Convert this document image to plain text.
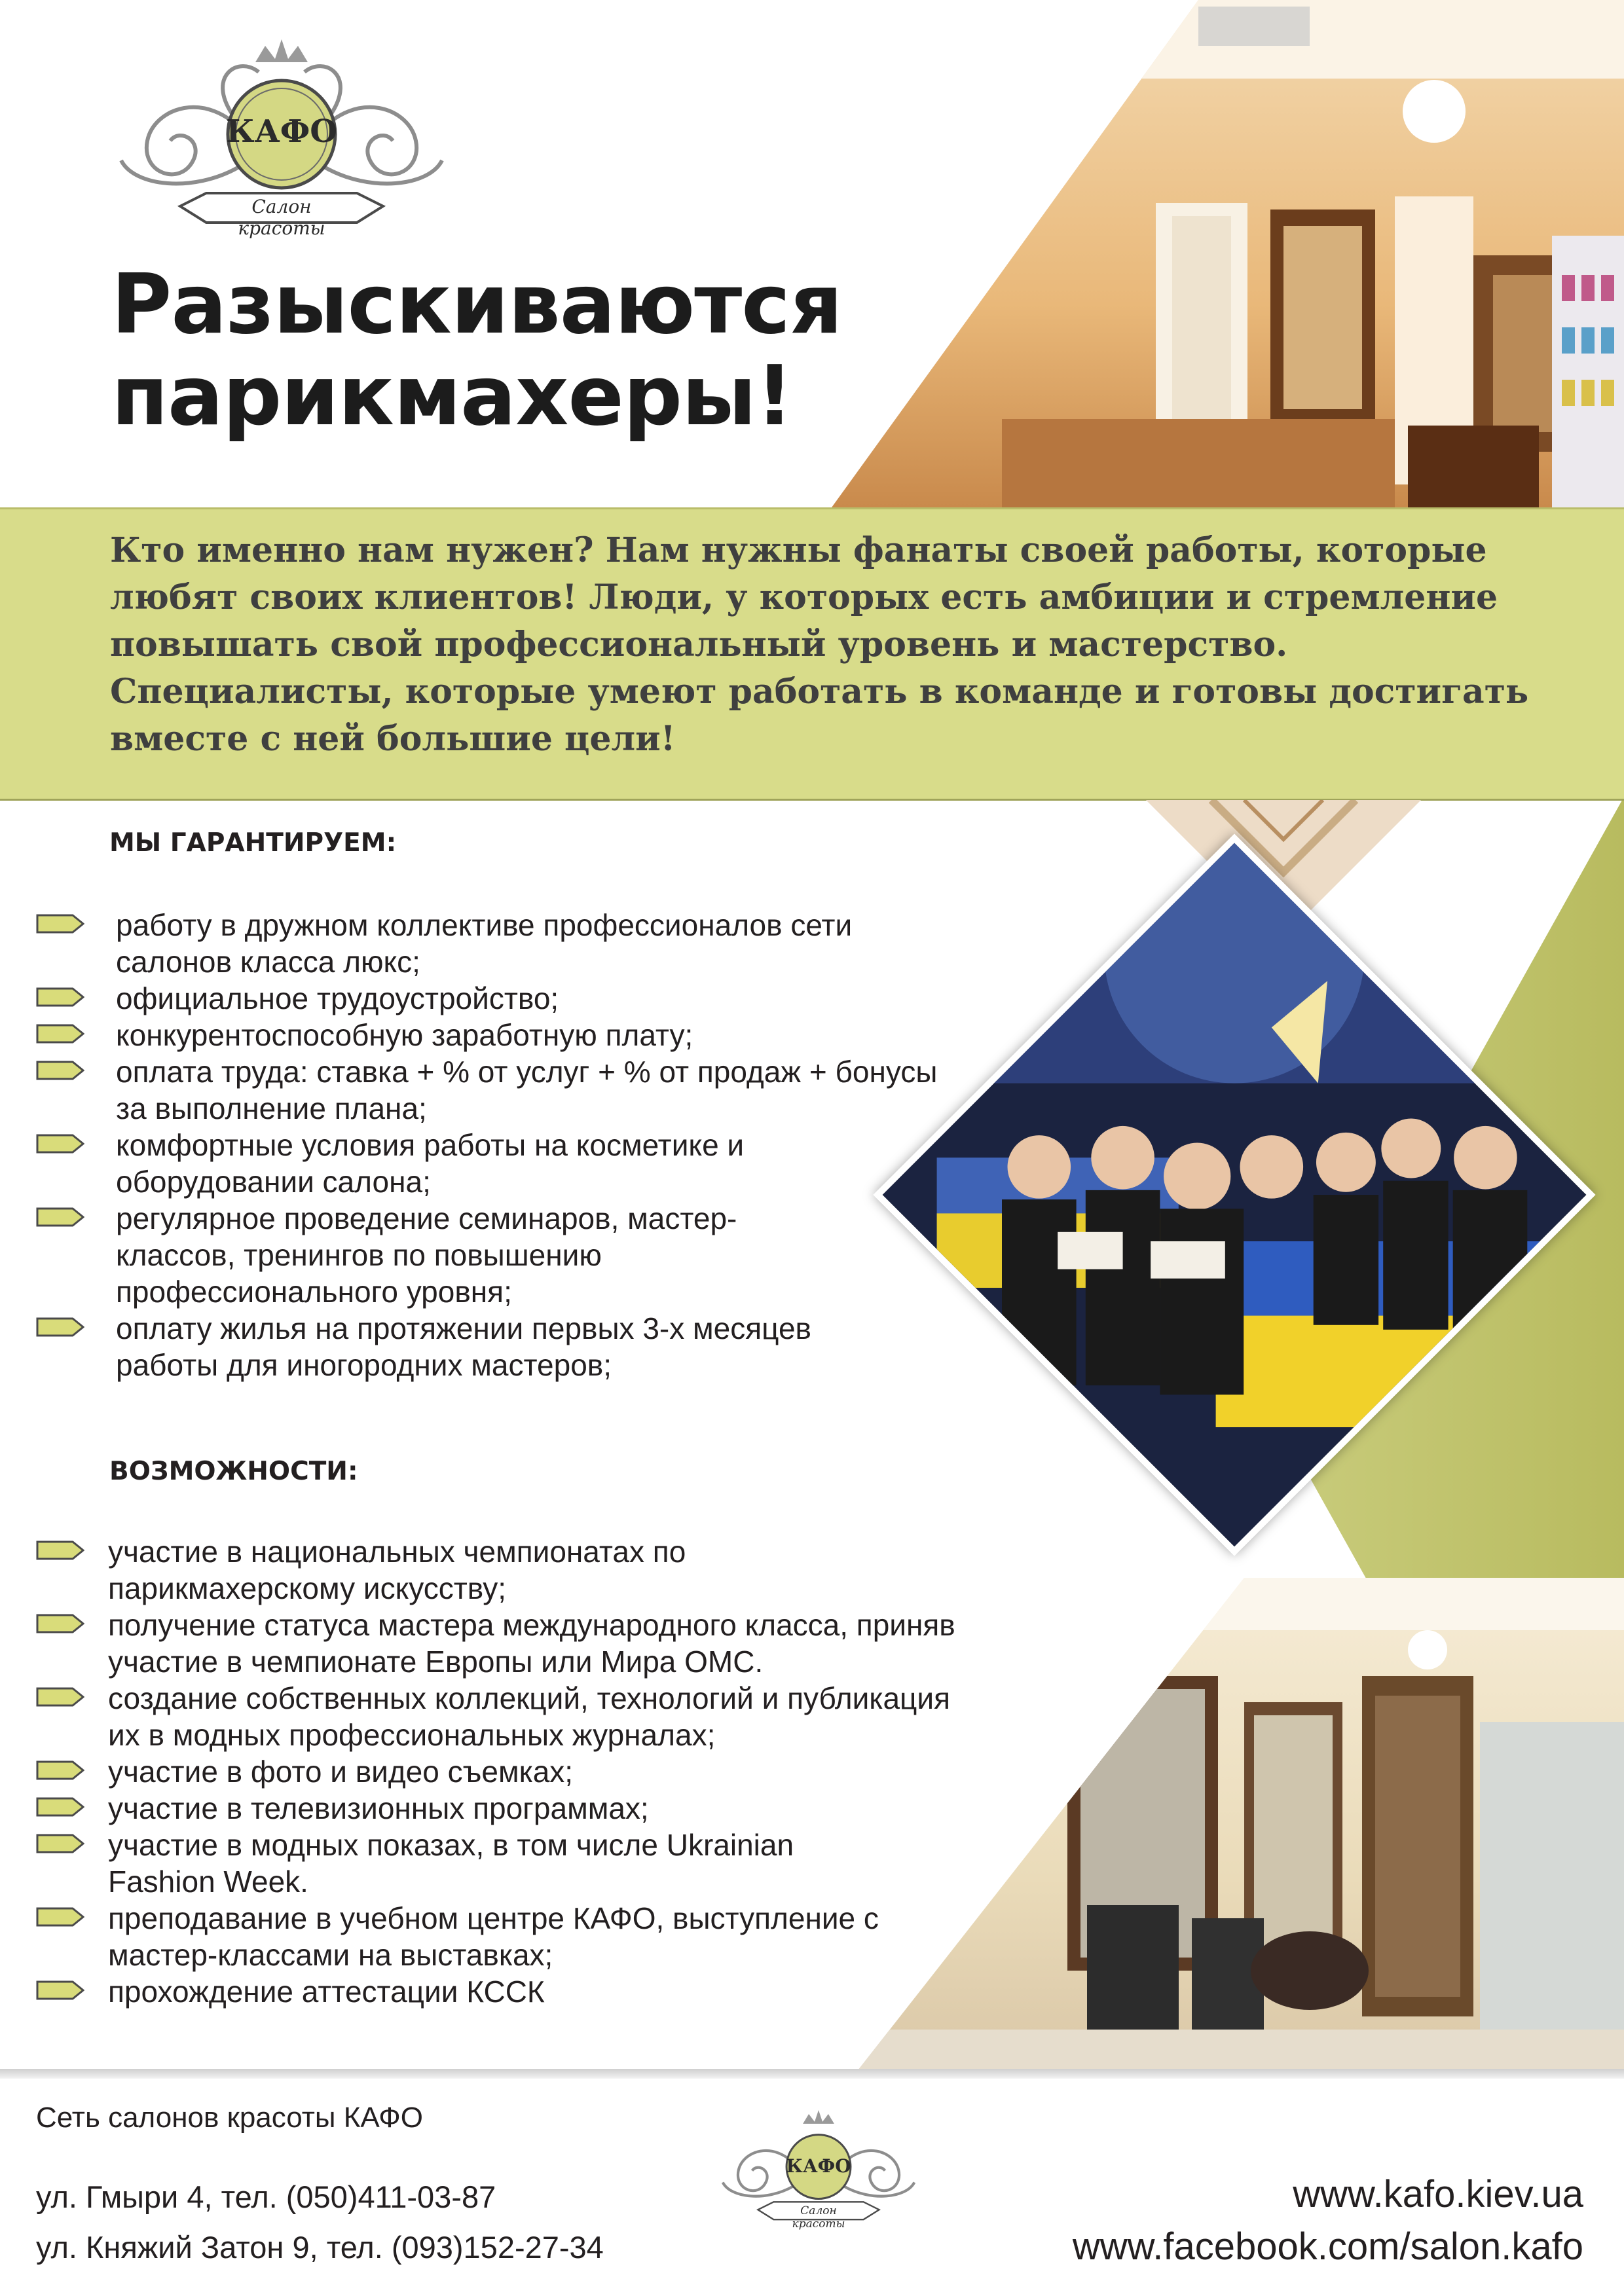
КАФО
Салон красоты
Разыскиваются
парикмахеры!

Кто именно нам нужен? Нам нужны фанаты своей работы, которые любят своих клиентов! Люди, у которых есть амбиции и стремление повышать свой профессиональный уровень и мастерство. Специалисты, которые умеют работать в команде и готовы достигать вместе с ней большие цели!

МЫ ГАРАНТИРУЕМ:
работу в дружном коллективе профессионалов сети салонов класса люкс;
официальное трудоустройство;
конкурентоспособную заработную плату;
оплата труда: ставка + % от услуг + % от продаж + бонусы за выполнение плана;
комфортные условия работы на косметике и оборудовании салона;
регулярное проведение семинаров, мастер-классов, тренингов по повышению профессионального уровня;
оплату жилья на протяжении первых 3-х месяцев работы для иногородних мастеров;
ВОЗМОЖНОСТИ:
участие в национальных чемпионатах по парикмахерскому искусству;
получение статуса мастера международного класса, приняв участие в чемпионате Европы или Мира OMC.
создание собственных коллекций, технологий и публикация их в модных профессиональных журналах;
участие в фото и видео съемках;
участие в телевизионных программах;
участие в модных показах, в том числе Ukrainian Fashion Week.
преподавание в учебном центре КАФО, выступление с мастер-классами на выставках;
прохождение аттестации КССК
Сеть салонов красоты КАФО
ул. Гмыри 4, тел. (050)411-03-87
ул. Княжий Затон 9, тел. (093)152-27-34
www.kafo.kiev.ua
www.facebook.com/salon.kafo
КАФО
Салон красоты
